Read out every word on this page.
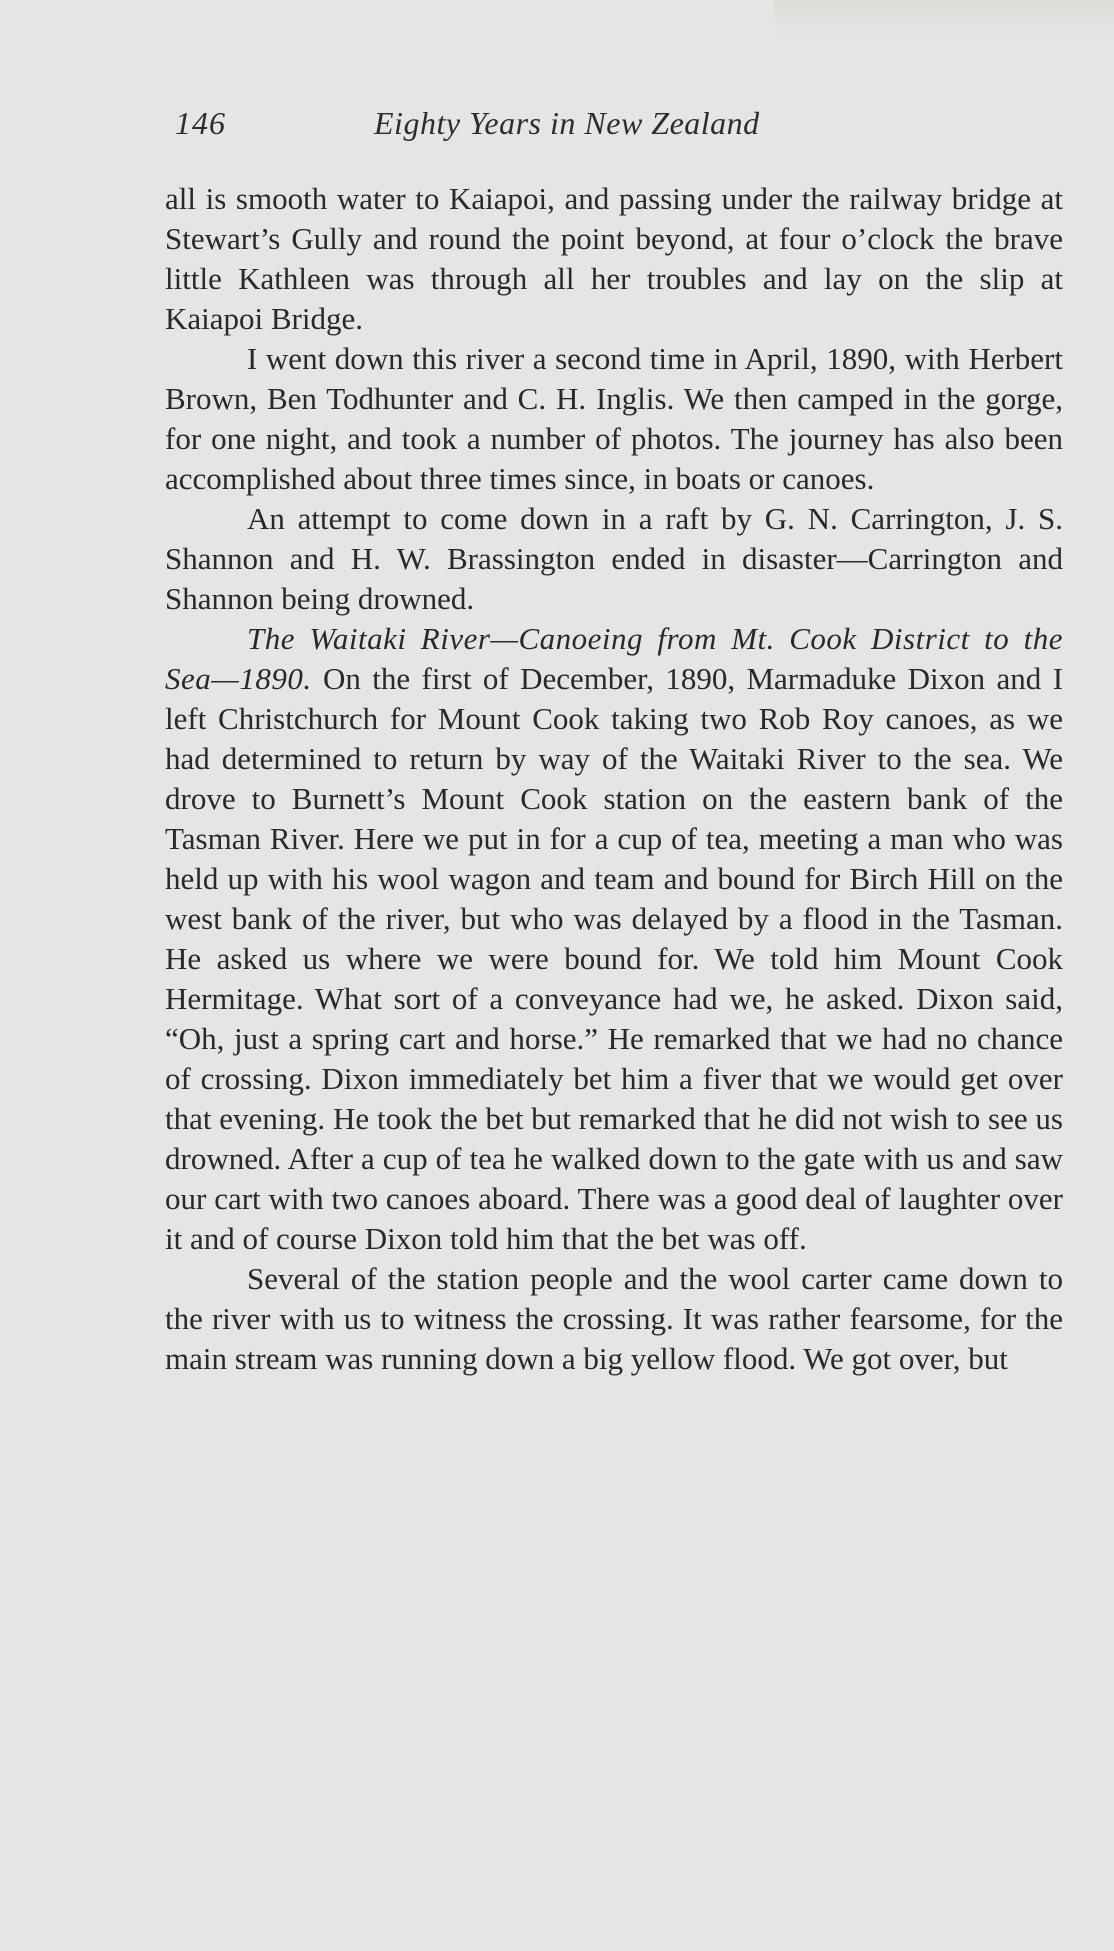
146	Eighty Years in New Zealand

all is smooth water to Kaiapoi, and passing under the railway bridge at Stewart’s Gully and round the point beyond, at four o’clock the brave little Kathleen was through all her troubles and lay on the slip at Kaiapoi Bridge.

I went down this river a second time in April, 1890, with Herbert Brown, Ben Todhunter and C. H. Inglis. We then camped in the gorge, for one night, and took a number of photos. The journey has also been accomplished about three times since, in boats or canoes.

An attempt to come down in a raft by G. N. Carrington, J. S. Shannon and H. W. Brassington ended in disaster—Carrington and Shannon being drowned.

The Waitaki River—Canoeing from Mt. Cook District to the Sea—1890. On the first of December, 1890, Marmaduke Dixon and I left Christchurch for Mount Cook taking two Rob Roy canoes, as we had determined to return by way of the Waitaki River to the sea. We drove to Burnett’s Mount Cook station on the eastern bank of the Tasman River. Here we put in for a cup of tea, meeting a man who was held up with his wool wagon and team and bound for Birch Hill on the west bank of the river, but who was delayed by a flood in the Tasman. He asked us where we were bound for. We told him Mount Cook Hermitage. What sort of a conveyance had we, he asked. Dixon said, “Oh, just a spring cart and horse.” He remarked that we had no chance of crossing. Dixon immediately bet him a fiver that we would get over that evening. He took the bet but remarked that he did not wish to see us drowned. After a cup of tea he walked down to the gate with us and saw our cart with two canoes aboard. There was a good deal of laughter over it and of course Dixon told him that the bet was off.

Several of the station people and the wool carter came down to the river with us to witness the crossing. It was rather fearsome, for the main stream was running down a big yellow flood. We got over, but
